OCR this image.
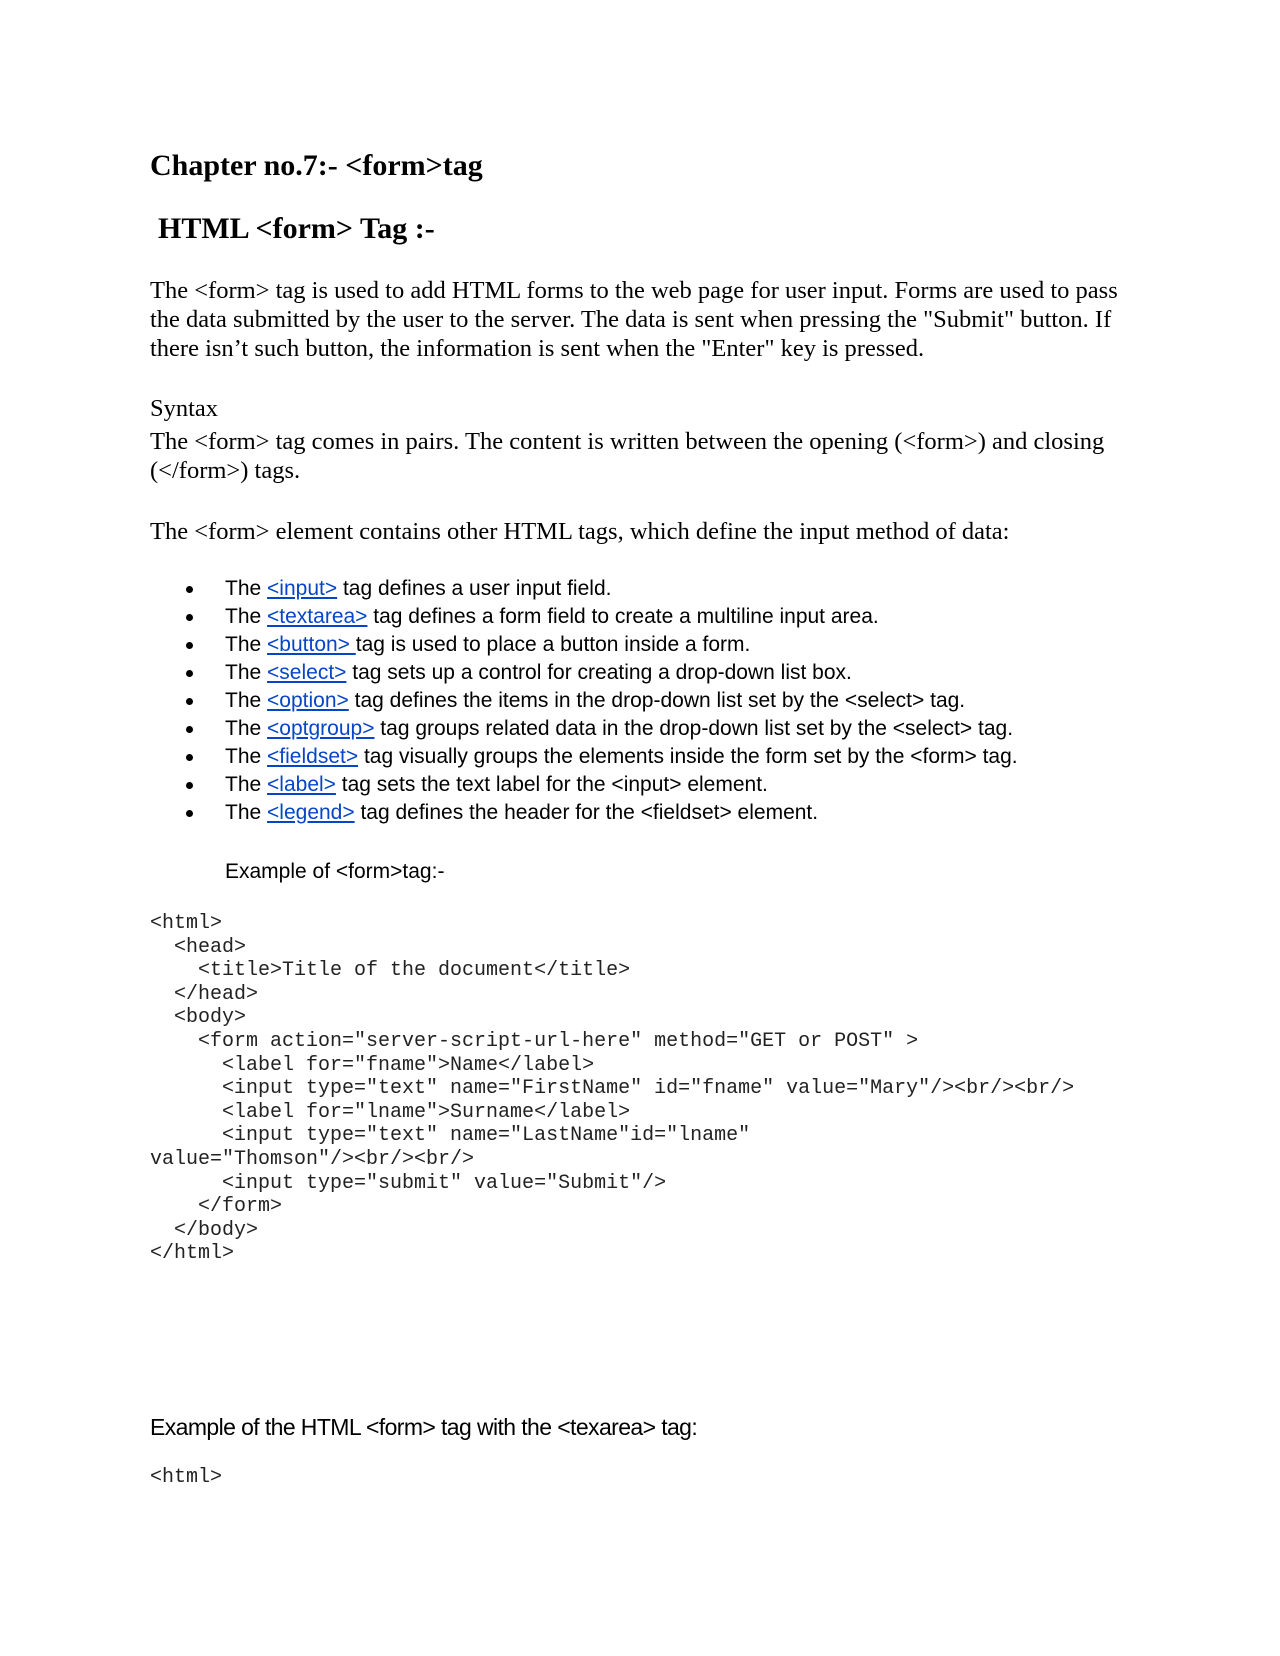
Chapter no.7:- <form>tag
HTML <form> Tag :-

The <form> tag is used to add HTML forms to the web page for user input. Forms are used to pass the data submitted by the user to the server. The data is sent when pressing the "Submit" button. If there isn’t such button, the information is sent when the "Enter" key is pressed.

Syntax

The <form> tag comes in pairs. The content is written between the opening (<form>) and closing (</form>) tags.

The <form> element contains other HTML tags, which define the input method of data:

The <input> tag defines a user input field.
The <textarea> tag defines a form field to create a multiline input area.
The <button> tag is used to place a button inside a form.
The <select> tag sets up a control for creating a drop-down list box.
The <option> tag defines the items in the drop-down list set by the <select> tag.
The <optgroup> tag groups related data in the drop-down list set by the <select> tag.
The <fieldset> tag visually groups the elements inside the form set by the <form> tag.
The <label> tag sets the text label for the <input> element.
The <legend> tag defines the header for the <fieldset> element.

Example of <form>tag:-

<html>
<head>
<title>Title of the document</title>
</head>
<body>
<form action="server-script-url-here" method="GET or POST" >
<label for="fname">Name</label>
<input type="text" name="FirstName" id="fname" value="Mary"/><br/><br/>
<label for="lname">Surname</label>
<input type="text" name="LastName"id="lname"
value="Thomson"/><br/><br/>
<input type="submit" value="Submit"/>
</form>
</body>
</html>

Example of the HTML <form> tag with the <texarea> tag:

<html>
